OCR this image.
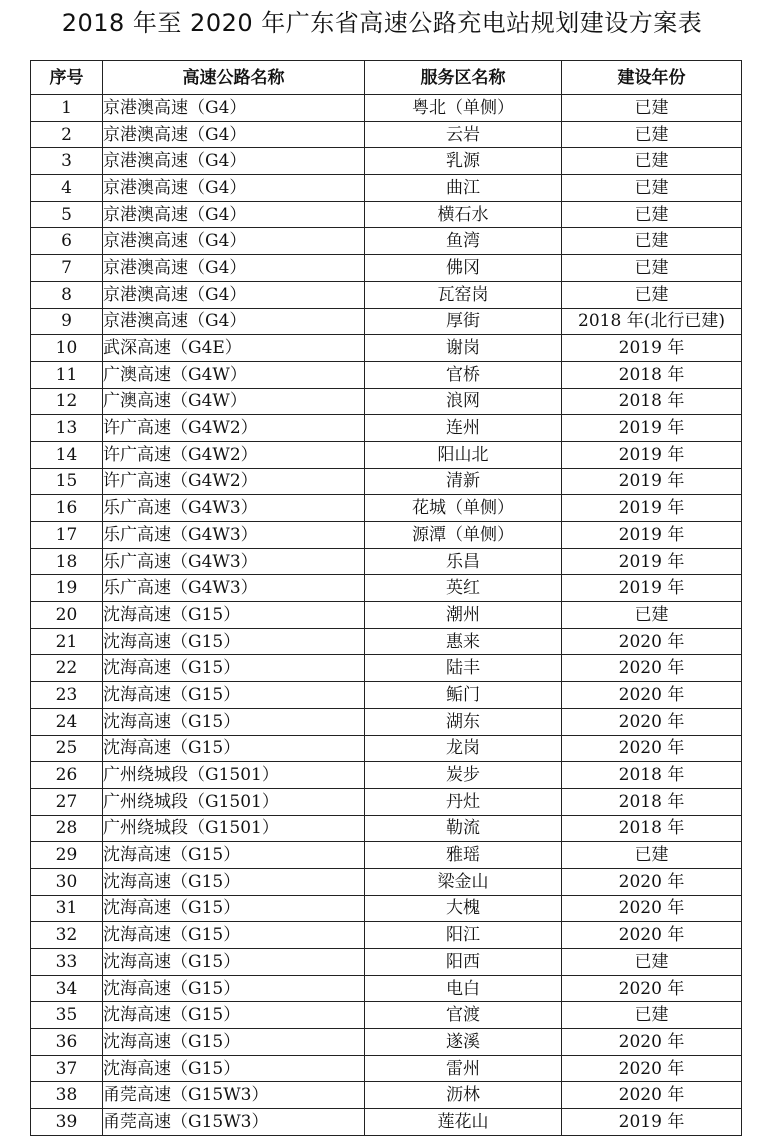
2018 年至 2020 年广东省高速公路充电站规划建设方案表
序号	高速公路名称	服务区名称	建设年份
1	京港澳高速（G4）	粤北（单侧）	已建
2	京港澳高速（G4）	云岩	已建
3	京港澳高速（G4）	乳源	已建
4	京港澳高速（G4）	曲江	已建
5	京港澳高速（G4）	横石水	已建
6	京港澳高速（G4）	鱼湾	已建
7	京港澳高速（G4）	佛冈	已建
8	京港澳高速（G4）	瓦窑岗	已建
9	京港澳高速（G4）	厚街	2018 年(北行已建)
10	武深高速（G4E）	谢岗	2019 年
11	广澳高速（G4W）	官桥	2018 年
12	广澳高速（G4W）	浪网	2018 年
13	许广高速（G4W2）	连州	2019 年
14	许广高速（G4W2）	阳山北	2019 年
15	许广高速（G4W2）	清新	2019 年
16	乐广高速（G4W3）	花城（单侧）	2019 年
17	乐广高速（G4W3）	源潭（单侧）	2019 年
18	乐广高速（G4W3）	乐昌	2019 年
19	乐广高速（G4W3）	英红	2019 年
20	沈海高速（G15）	潮州	已建
21	沈海高速（G15）	惠来	2020 年
22	沈海高速（G15）	陆丰	2020 年
23	沈海高速（G15）	鲘门	2020 年
24	沈海高速（G15）	湖东	2020 年
25	沈海高速（G15）	龙岗	2020 年
26	广州绕城段（G1501）	炭步	2018 年
27	广州绕城段（G1501）	丹灶	2018 年
28	广州绕城段（G1501）	勒流	2018 年
29	沈海高速（G15）	雅瑶	已建
30	沈海高速（G15）	梁金山	2020 年
31	沈海高速（G15）	大槐	2020 年
32	沈海高速（G15）	阳江	2020 年
33	沈海高速（G15）	阳西	已建
34	沈海高速（G15）	电白	2020 年
35	沈海高速（G15）	官渡	已建
36	沈海高速（G15）	遂溪	2020 年
37	沈海高速（G15）	雷州	2020 年
38	甬莞高速（G15W3）	沥林	2020 年
39	甬莞高速（G15W3）	莲花山	2019 年
